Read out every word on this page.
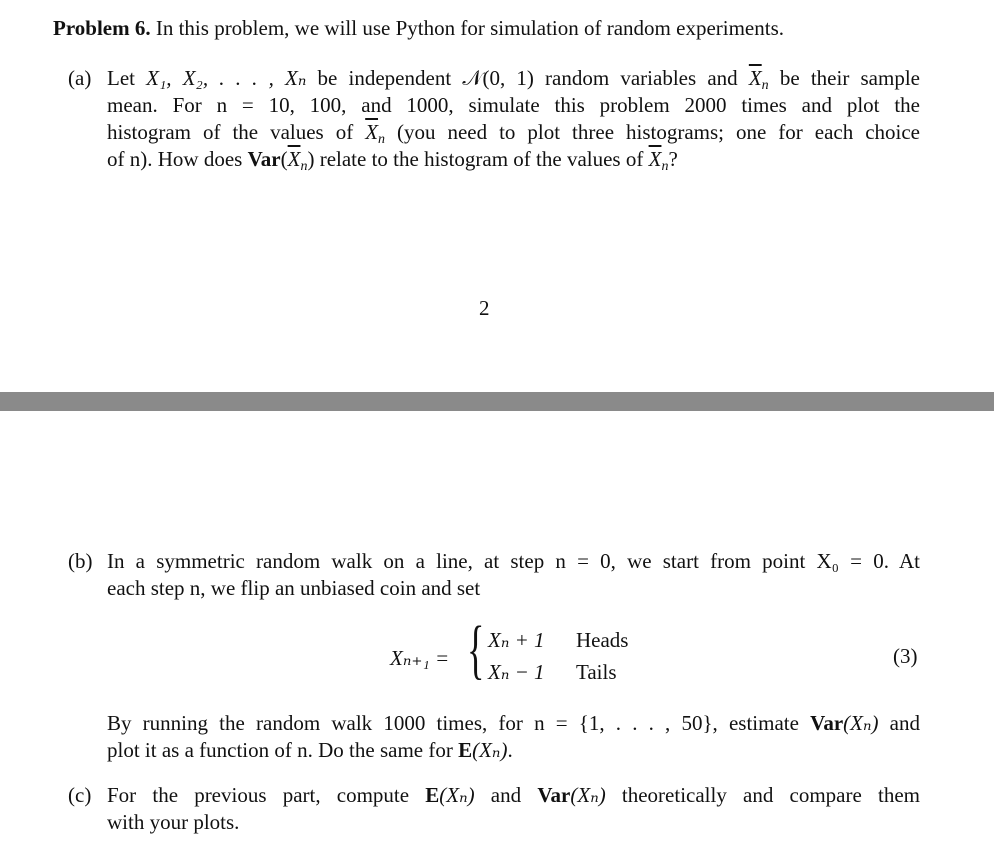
Problem 6. In this problem, we will use Python for simulation of random experiments.
(a) Let X₁, X₂, . . . , Xₙ be independent 𝒩(0, 1) random variables and $\overline{X}_n$ be their sample
mean. For n = 10, 100, and 1000, simulate this problem 2000 times and plot the
histogram of the values of $\overline{X}_n$ (you need to plot three histograms; one for each choice
of n). How does $Var(\overline{X}_n)$ relate to the histogram of the values of $\overline{X}_n$?
2
(b) In a symmetric random walk on a line, at step n = 0, we start from point X₀ = 0. At
each step n, we flip an unbiased coin and set
Xₙ₊₁ = { Xₙ + 1 Heads
Xₙ − 1 Tails
(3)
By running the random walk 1000 times, for n = {1, . . . , 50}, estimate Var(Xₙ) and
plot it as a function of n. Do the same for E(Xₙ).
(c) For the previous part, compute E(Xₙ) and Var(Xₙ) theoretically and compare them
with your plots.
